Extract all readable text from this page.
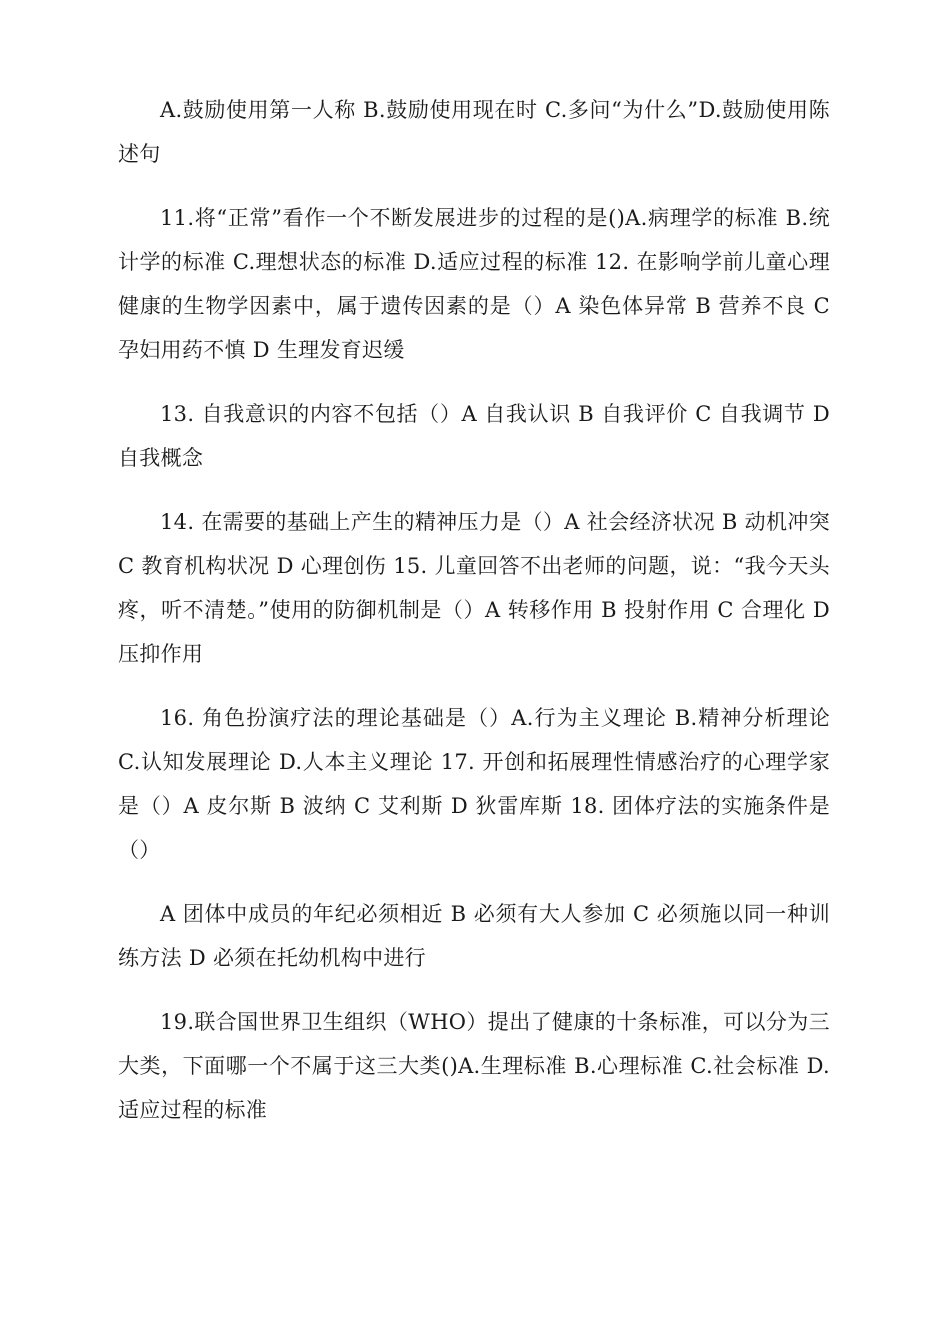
A.鼓励使用第一人称 B.鼓励使用现在时 C.多问“为什么”D.鼓励使用陈述句

11.将“正常”看作一个不断发展进步的过程的是()A.病理学的标准 B.统计学的标准 C.理想状态的标准 D.适应过程的标准 12. 在影响学前儿童心理健康的生物学因素中，属于遗传因素的是（）A 染色体异常 B 营养不良 C 孕妇用药不慎 D 生理发育迟缓

13. 自我意识的内容不包括（）A 自我认识 B 自我评价 C 自我调节 D 自我概念

14. 在需要的基础上产生的精神压力是（）A 社会经济状况 B 动机冲突 C 教育机构状况 D 心理创伤 15. 儿童回答不出老师的问题，说：“我今天头疼，听不清楚。”使用的防御机制是（）A 转移作用 B 投射作用 C 合理化 D 压抑作用

16. 角色扮演疗法的理论基础是（）A.行为主义理论 B.精神分析理论 C.认知发展理论 D.人本主义理论 17. 开创和拓展理性情感治疗的心理学家是（）A 皮尔斯 B 波纳 C 艾利斯 D 狄雷库斯 18. 团体疗法的实施条件是（）

A 团体中成员的年纪必须相近 B 必须有大人参加 C 必须施以同一种训练方法 D 必须在托幼机构中进行

19.联合国世界卫生组织（WHO）提出了健康的十条标准，可以分为三大类，下面哪一个不属于这三大类()A.生理标准 B.心理标准 C.社会标准 D.适应过程的标准
